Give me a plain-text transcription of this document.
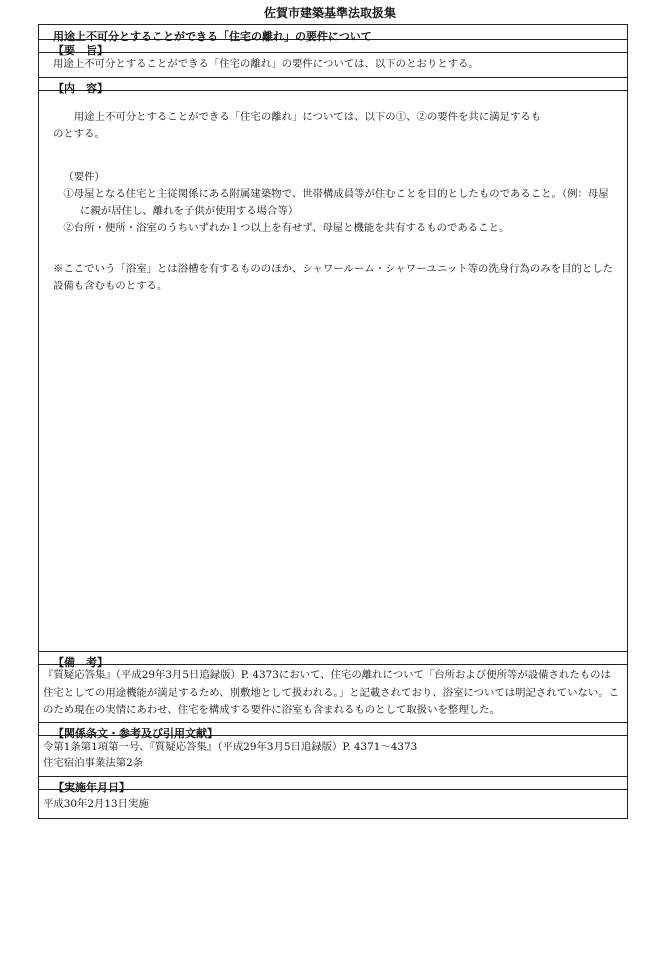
佐賀市建築基準法取扱集
用途上不可分とすることができる「住宅の離れ」の要件について
【要　旨】
用途上不可分とすることができる「住宅の離れ」の要件については、以下のとおりとする。
【内　容】

用途上不可分とすることができる「住宅の離れ」については、以下の①、②の要件を共に満足するも

のとする。

（要件）

①母屋となる住宅と主従関係にある附属建築物で、世帯構成員等が住むことを目的としたものであること。（例：母屋に親が居住し、離れを子供が使用する場合等）

②台所・便所・浴室のうちいずれか１つ以上を有せず、母屋と機能を共有するものであること。

※ここでいう「浴室」とは浴槽を有するもののほか、シャワールーム・シャワーユニット等の洗身行為のみを目的とした設備も含むものとする。

【備　考】
『質疑応答集』（平成29年3月5日追録版）P. 4373において、住宅の離れについて「台所および便所等が設備されたものは住宅としての用途機能が満足するため、別敷地として扱われる。」と記載されており、浴室については明記されていない。このため現在の実情にあわせ、住宅を構成する要件に浴室も含まれるものとして取扱いを整理した。
【関係条文・参考及び引用文献】
令第1条第1項第一号、『質疑応答集』（平成29年3月5日追録版）P. 4371～4373
住宅宿泊事業法第2条
【実施年月日】
平成30年2月13日実施
